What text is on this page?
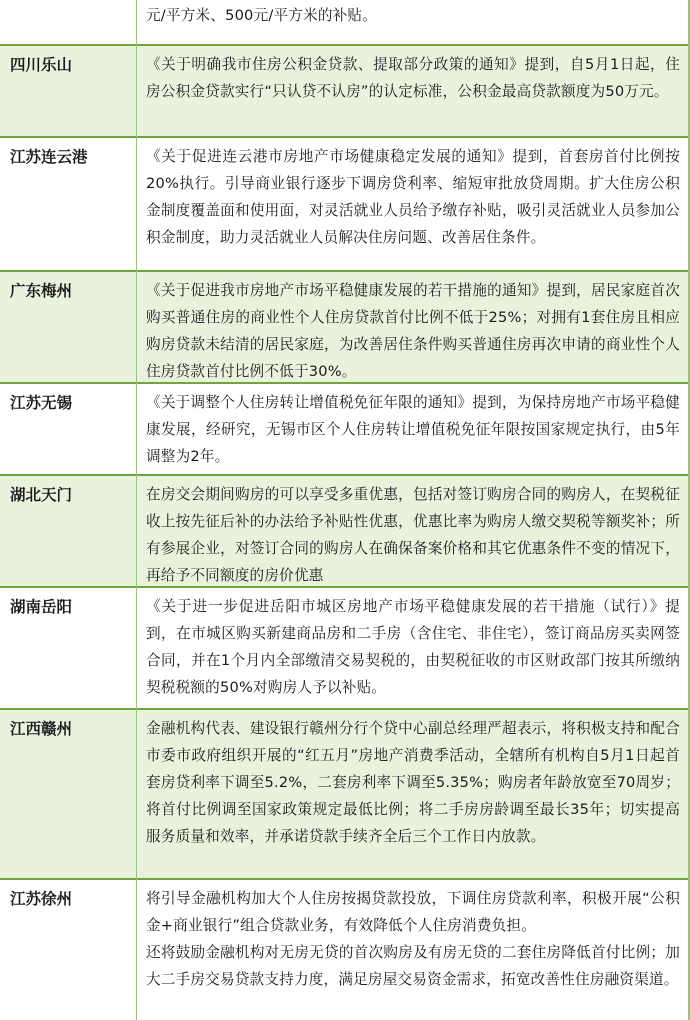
元/平方米、500元/平方米的补贴。

四川乐山	《关于明确我市住房公积金贷款、提取部分政策的通知》提到，自5月1日起，住房公积金贷款实行“只认贷不认房”的认定标准，公积金最高贷款额度为50万元。

江苏连云港	《关于促进连云港市房地产市场健康稳定发展的通知》提到，首套房首付比例按20%执行。引导商业银行逐步下调房贷利率、缩短审批放贷周期。扩大住房公积金制度覆盖面和使用面，对灵活就业人员给予缴存补贴，吸引灵活就业人员参加公积金制度，助力灵活就业人员解决住房问题、改善居住条件。

广东梅州	《关于促进我市房地产市场平稳健康发展的若干措施的通知》提到，居民家庭首次购买普通住房的商业性个人住房贷款首付比例不低于25%；对拥有1套住房且相应购房贷款未结清的居民家庭，为改善居住条件购买普通住房再次申请的商业性个人住房贷款首付比例不低于30%。

江苏无锡	《关于调整个人住房转让增值税免征年限的通知》提到，为保持房地产市场平稳健康发展，经研究，无锡市区个人住房转让增值税免征年限按国家规定执行，由5年调整为2年。

湖北天门	在房交会期间购房的可以享受多重优惠，包括对签订购房合同的购房人，在契税征收上按先征后补的办法给予补贴性优惠，优惠比率为购房人缴交契税等额奖补；所有参展企业，对签订合同的购房人在确保备案价格和其它优惠条件不变的情况下，再给予不同额度的房价优惠

湖南岳阳	《关于进一步促进岳阳市城区房地产市场平稳健康发展的若干措施（试行）》提到，在市城区购买新建商品房和二手房（含住宅、非住宅），签订商品房买卖网签合同，并在1个月内全部缴清交易契税的，由契税征收的市区财政部门按其所缴纳契税税额的50%对购房人予以补贴。

江西赣州	金融机构代表、建设银行赣州分行个贷中心副总经理严超表示，将积极支持和配合市委市政府组织开展的“红五月”房地产消费季活动，全辖所有机构自5月1日起首套房贷利率下调至5.2%，二套房利率下调至5.35%；购房者年龄放宽至70周岁；将首付比例调至国家政策规定最低比例；将二手房房龄调至最长35年；切实提高服务质量和效率，并承诺贷款手续齐全后三个工作日内放款。

江苏徐州	将引导金融机构加大个人住房按揭贷款投放，下调住房贷款利率，积极开展“公积金+商业银行”组合贷款业务，有效降低个人住房消费负担。

还将鼓励金融机构对无房无贷的首次购房及有房无贷的二套住房降低首付比例；加大二手房交易贷款支持力度，满足房屋交易资金需求，拓宽改善性住房融资渠道。
